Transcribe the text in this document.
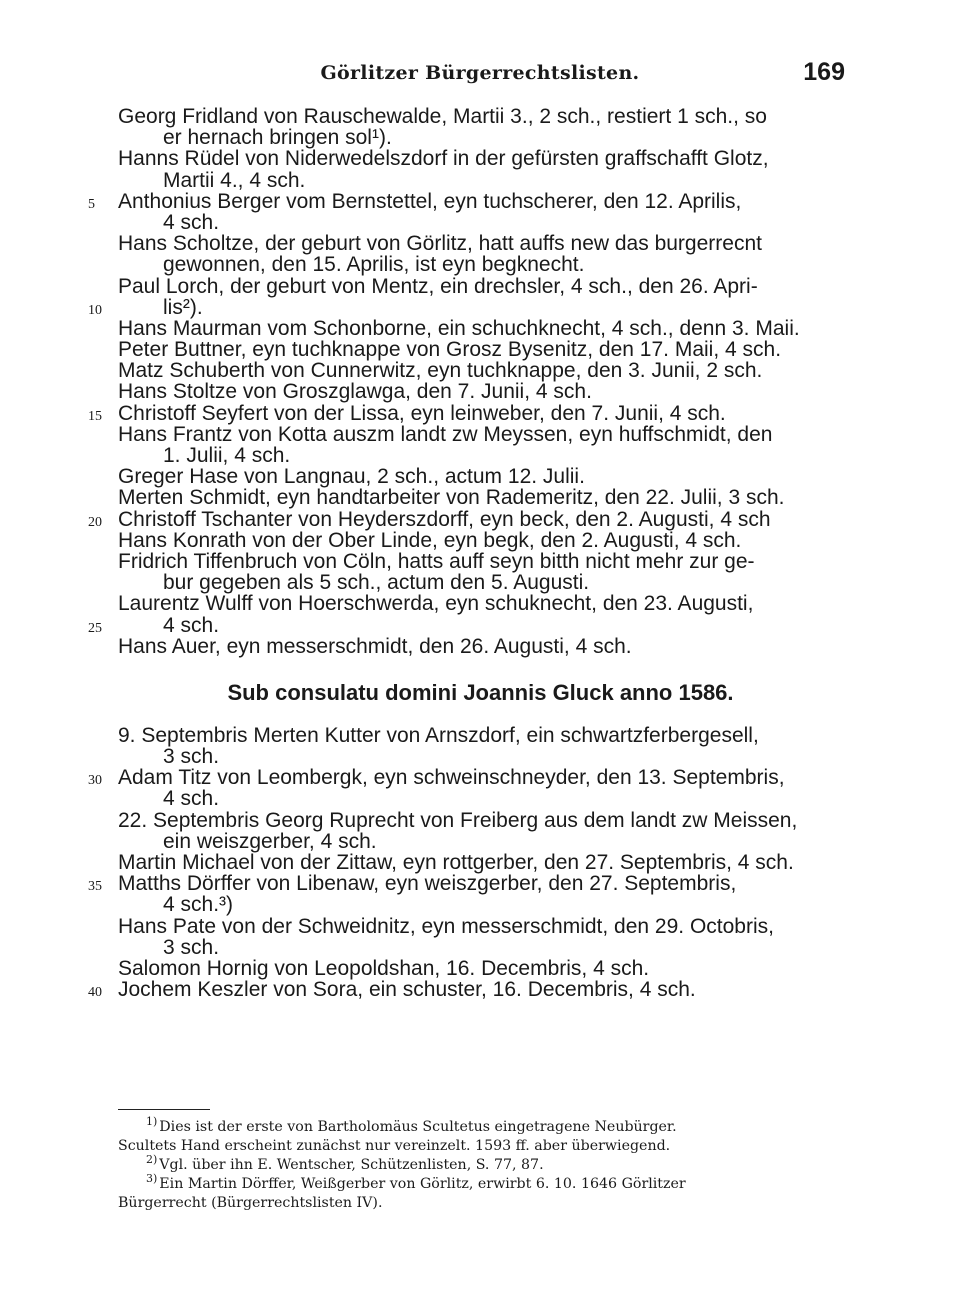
Görlitzer Bürgerrechtslisten.	169
Georg Fridland von Rauschewalde, Martii 3., 2 sch., restiert 1 sch., so
er hernach bringen sol¹).
Hanns Rüdel von Niderwedelszdorf in der gefürsten graffschafft Glotz,
Martii 4., 4 sch.
5 Anthonius Berger vom Bernstettel, eyn tuchscherer, den 12. Aprilis,
4 sch.
Hans Scholtze, der geburt von Görlitz, hatt auffs new das burgerrecnt
gewonnen, den 15. Aprilis, ist eyn begknecht.
Paul Lorch, der geburt von Mentz, ein drechsler, 4 sch., den 26. Apri-
10	lis²).
Hans Maurman vom Schonborne, ein schuchknecht, 4 sch., denn 3. Maii.
Peter Buttner, eyn tuchknappe von Grosz Bysenitz, den 17. Maii, 4 sch.
Matz Schuberth von Cunnerwitz, eyn tuchknappe, den 3. Junii, 2 sch.
Hans Stoltze von Groszglawga, den 7. Junii, 4 sch.
15 Christoff Seyfert von der Lissa, eyn leinweber, den 7. Junii, 4 sch.
Hans Frantz von Kotta auszm landt zw Meyssen, eyn huffschmidt, den
1. Julii, 4 sch.
Greger Hase von Langnau, 2 sch., actum 12. Julii.
Merten Schmidt, eyn handtarbeiter von Rademeritz, den 22. Julii, 3 sch.
20 Christoff Tschanter von Heyderszdorff, eyn beck, den 2. Augusti, 4 sch
Hans Konrath von der Ober Linde, eyn begk, den 2. Augusti, 4 sch.
Fridrich Tiffenbruch von Cöln, hatts auff seyn bitth nicht mehr zur ge-
bur gegeben als 5 sch., actum den 5. Augusti.
Laurentz Wulff von Hoerschwerda, eyn schuknecht, den 23. Augusti,
25	4 sch.
Hans Auer, eyn messerschmidt, den 26. Augusti, 4 sch.
Sub consulatu domini Joannis Gluck anno 1586.
9. Septembris Merten Kutter von Arnszdorf, ein schwartzferbergesell,
3 sch.
30 Adam Titz von Leombergk, eyn schweinschneyder, den 13. Septembris,
4 sch.
22. Septembris Georg Ruprecht von Freiberg aus dem landt zw Meissen,
ein weiszgerber, 4 sch.
Martin Michael von der Zittaw, eyn rottgerber, den 27. Septembris, 4 sch.
35 Matths Dörffer von Libenaw, eyn weiszgerber, den 27. Septembris,
4 sch.³)
Hans Pate von der Schweidnitz, eyn messerschmidt, den 29. Octobris,
3 sch.
Salomon Hornig von Leopoldshan, 16. Decembris, 4 sch.
40 Jochem Keszler von Sora, ein schuster, 16. Decembris, 4 sch.
$^{1)}$ Dies ist der erste von Bartholomäus Scultetus eingetragene Neubürger.
Scultets Hand erscheint zunächst nur vereinzelt. 1593 ff. aber überwiegend.
$^{2)}$ Vgl. über ihn E. Wentscher, Schützenlisten, S. 77, 87.
$^{3)}$ Ein Martin Dörffer, Weißgerber von Görlitz, erwirbt 6. 10. 1646 Görlitzer
Bürgerrecht (Bürgerrechtslisten IV).
